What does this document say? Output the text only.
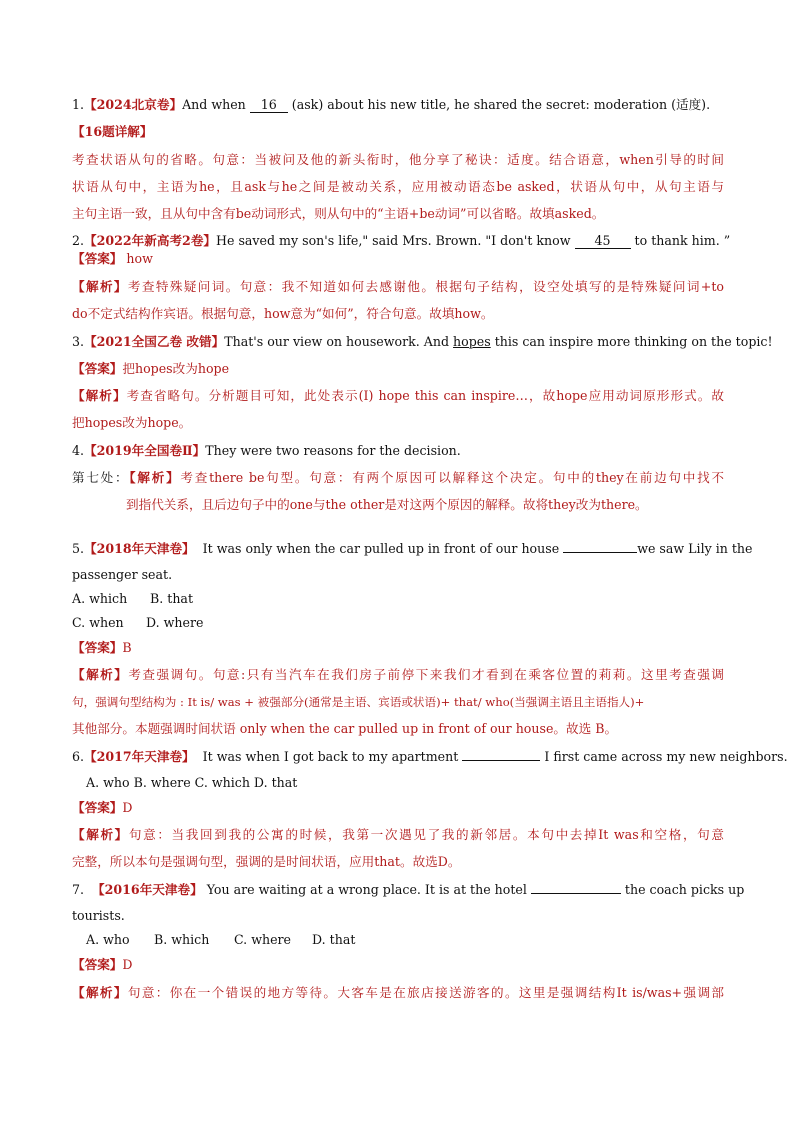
1.【2024北京卷】And when 16 (ask) about his new title, he shared the secret: moderation (适度).
【16题详解】
考查状语从句的省略。句意：当被问及他的新头衔时，他分享了秘诀：适度。结合语意，when引导的时间
状语从句中，主语为he，且ask与he之间是被动关系，应用被动语态be asked，状语从句中，从句主语与
主句主语一致，且从句中含有be动词形式，则从句中的“主语+be动词”可以省略。故填asked。
2.【2022年新高考2卷】He saved my son's life," said Mrs. Brown. "I don't know 45 to thank him. ”
【答案】 how
【解析】考查特殊疑问词。句意：我不知道如何去感谢他。根据句子结构，设空处填写的是特殊疑问词+to
do不定式结构作宾语。根据句意，how意为“如何”，符合句意。故填how。
3.【2021全国乙卷 改错】That's our view on housework. And hopes this can inspire more thinking on the topic!
【答案】把hopes改为hope
【解析】考查省略句。分析题目可知，此处表示(I) hope this can inspire…，故hope应用动词原形形式。故
把hopes改为hope。
4.【2019年全国卷Ⅱ】They were two reasons for the decision.
第七处：【解析】考查there be句型。句意：有两个原因可以解释这个决定。句中的they在前边句中找不
到指代关系，且后边句子中的one与the other是对这两个原因的解释。故将they改为there。
5.【2018年天津卷】 It was only when the car pulled up in front of our house	we saw Lily in the
passenger seat.
A. which B. that
C. when D. where
【答案】B
【解析】考查强调句。句意:只有当汽车在我们房子前停下来我们才看到在乘客位置的莉莉。这里考查强调
句，强调句型结构为 : It is/ was + 被强部分(通常是主语、宾语或状语)+ that/ who(当强调主语且主语指人)+
其他部分。本题强调时间状语 only when the car pulled up in front of our house。故选 B。
6.【2017年天津卷】 It was when I got back to my apartment	I first came across my new neighbors.
A. who B. where C. which D. that
【答案】D
【解析】句意：当我回到我的公寓的时候，我第一次遇见了我的新邻居。本句中去掉It was和空格，句意
完整，所以本句是强调句型，强调的是时间状语，应用that。故选D。
7. 【2016年天津卷】 You are waiting at a wrong place. It is at the hotel	the coach picks up
tourists.
A. who B. which C. where D. that
【答案】D
【解析】句意：你在一个错误的地方等待。大客车是在旅店接送游客的。这里是强调结构It is/was+强调部
